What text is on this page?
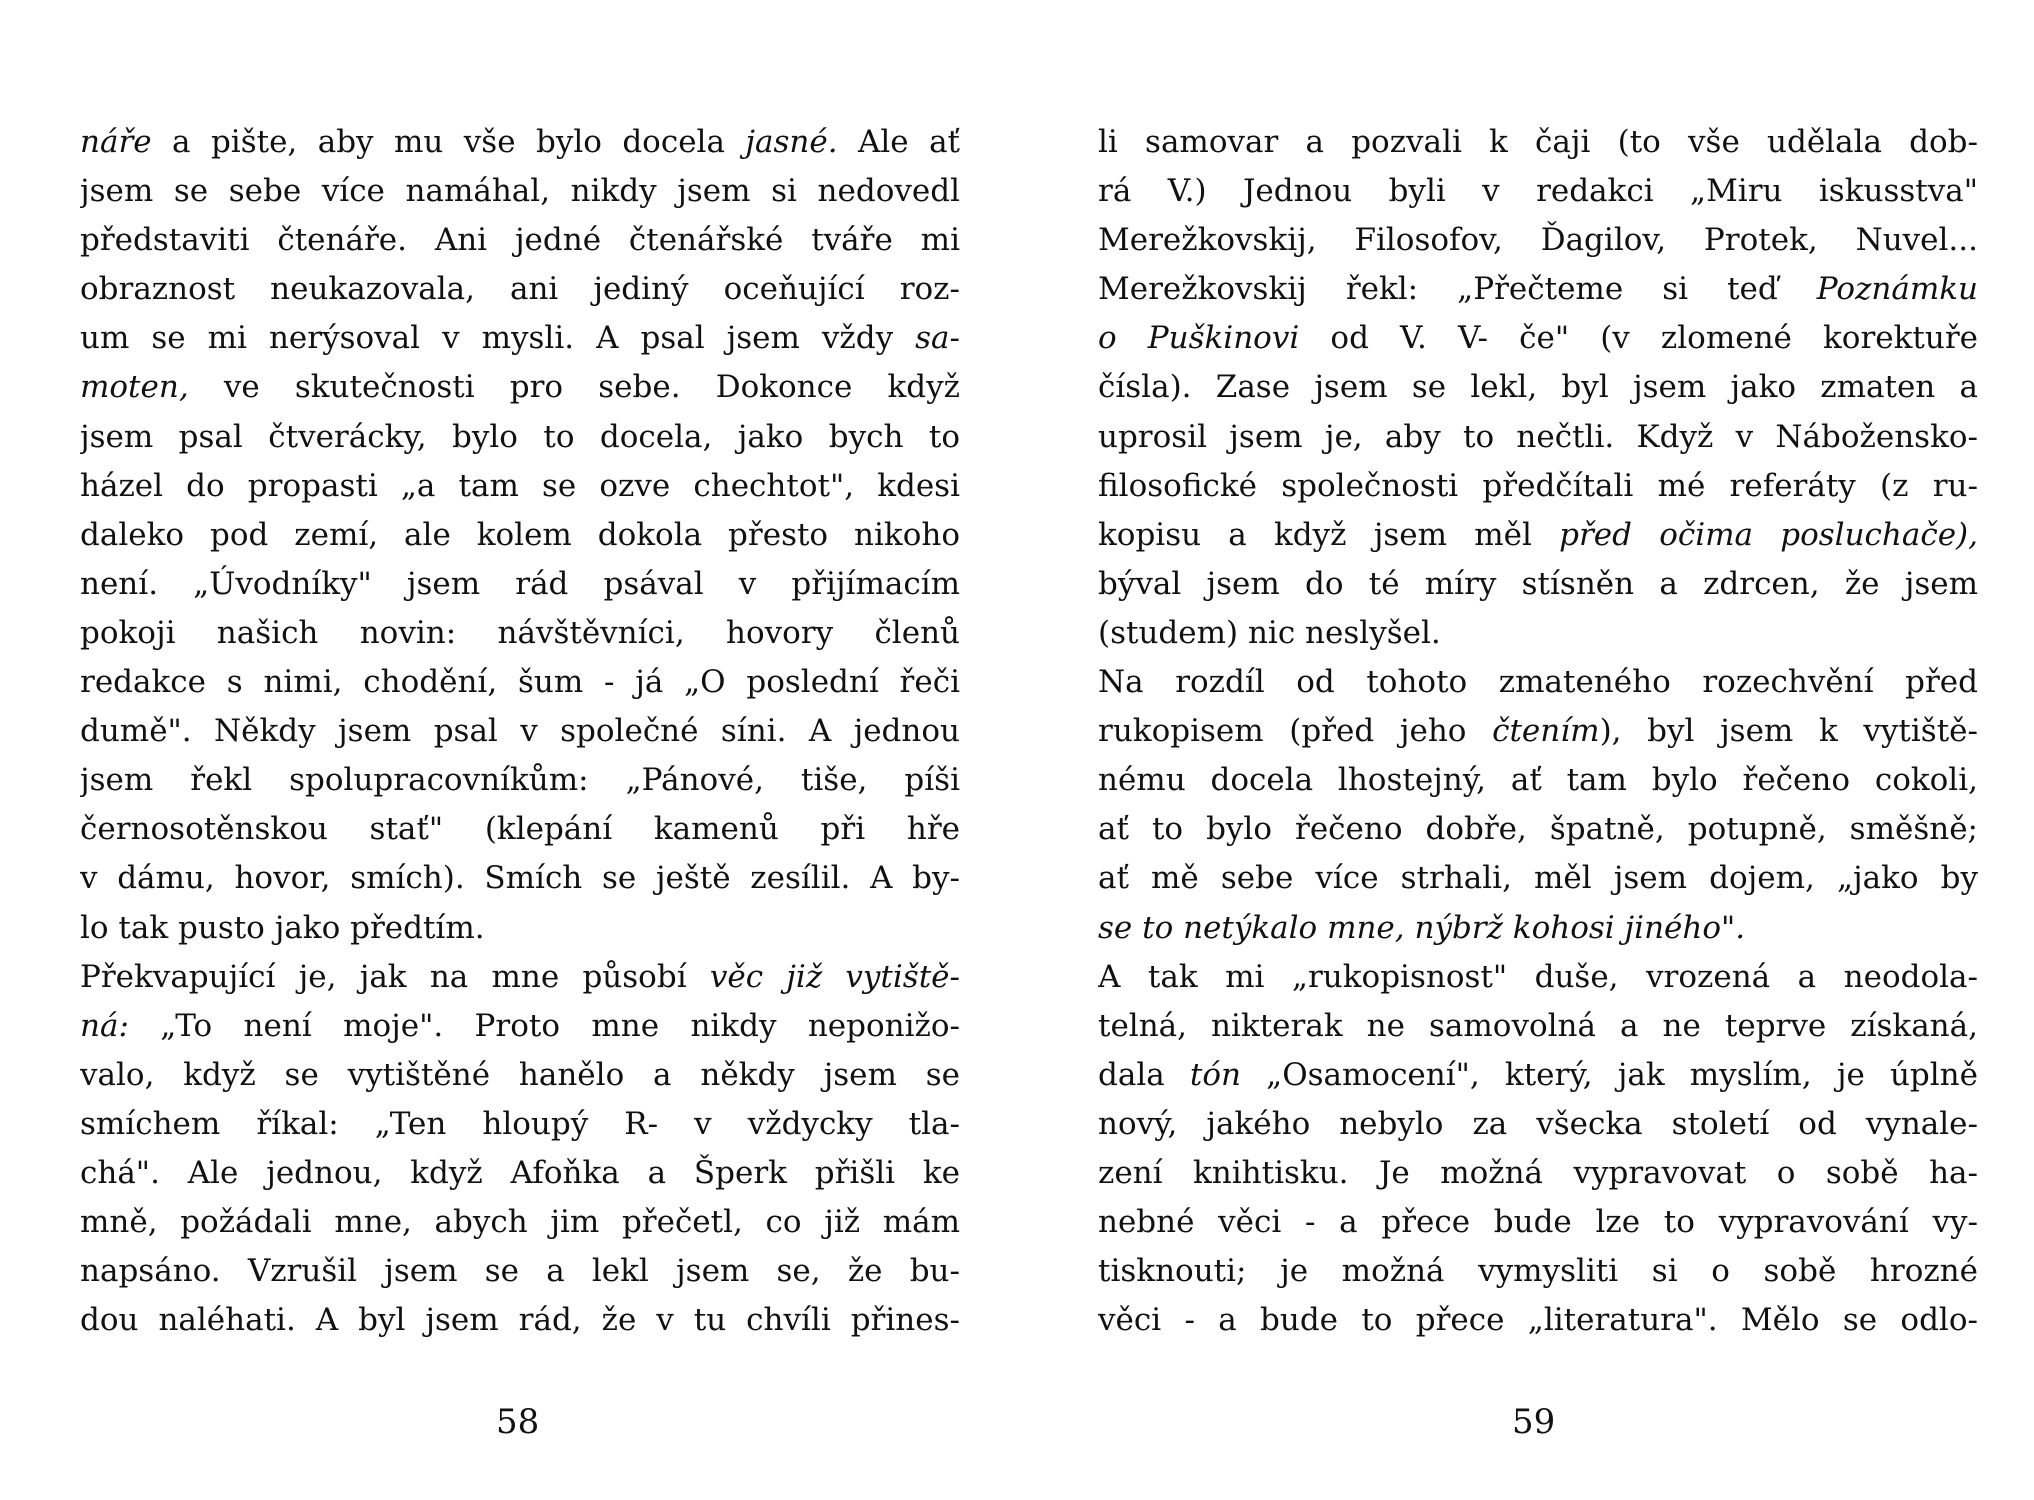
náře a pište, aby mu vše bylo docela jasné. Ale ať
jsem se sebe více namáhal, nikdy jsem si nedovedl
představiti čtenáře. Ani jedné čtenářské tváře mi
obraznost neukazovala, ani jediný oceňující roz-
um se mi nerýsoval v mysli. A psal jsem vždy sa-
moten, ve skutečnosti pro sebe. Dokonce když
jsem psal čtverácky, bylo to docela, jako bych to
házel do propasti „a tam se ozve chechtot", kdesi
daleko pod zemí, ale kolem dokola přesto nikoho
není. „Úvodníky" jsem rád psával v přijímacím
pokoji našich novin: návštěvníci, hovory členů
redakce s nimi, chodění, šum - já „O poslední řeči
dumě". Někdy jsem psal v společné síni. A jednou
jsem řekl spolupracovníkům: „Pánové, tiše, píši
černosotěnskou stať" (klepání kamenů při hře
v dámu, hovor, smích). Smích se ještě zesílil. A by-
lo tak pusto jako předtím.
Překvapující je, jak na mne působí věc již vytiště-
ná: „To není moje". Proto mne nikdy neponižo-
valo, když se vytištěné hanělo a někdy jsem se
smíchem říkal: „Ten hloupý R- v vždycky tla-
chá". Ale jednou, když Afoňka a Šperk přišli ke
mně, požádali mne, abych jim přečetl, co již mám
napsáno. Vzrušil jsem se a lekl jsem se, že bu-
dou naléhati. A byl jsem rád, že v tu chvíli přines-
li samovar a pozvali k čaji (to vše udělala dob-
rá V.) Jednou byli v redakci „Miru iskusstva"
Merežkovskij, Filosofov, Ďagilov, Protek, Nuvel...
Merežkovskij řekl: „Přečteme si teď Poznámku
o Puškinovi od V. V- če" (v zlomené korektuře
čísla). Zase jsem se lekl, byl jsem jako zmaten a
uprosil jsem je, aby to nečtli. Když v Nábožensko-
filosofické společnosti předčítali mé referáty (z ru-
kopisu a když jsem měl před očima posluchače),
býval jsem do té míry stísněn a zdrcen, že jsem
(studem) nic neslyšel.
Na rozdíl od tohoto zmateného rozechvění před
rukopisem (před jeho čtením), byl jsem k vytiště-
nému docela lhostejný, ať tam bylo řečeno cokoli,
ať to bylo řečeno dobře, špatně, potupně, směšně;
ať mě sebe více strhali, měl jsem dojem, „jako by
se to netýkalo mne, nýbrž kohosi jiného".
A tak mi „rukopisnost" duše, vrozená a neodola-
telná, nikterak ne samovolná a ne teprve získaná,
dala tón „Osamocení", který, jak myslím, je úplně
nový, jakého nebylo za všecka století od vynale-
zení knihtisku. Je možná vypravovat o sobě ha-
nebné věci - a přece bude lze to vypravování vy-
tisknouti; je možná vymysliti si o sobě hrozné
věci - a bude to přece „literatura". Mělo se odlo-
58	59
